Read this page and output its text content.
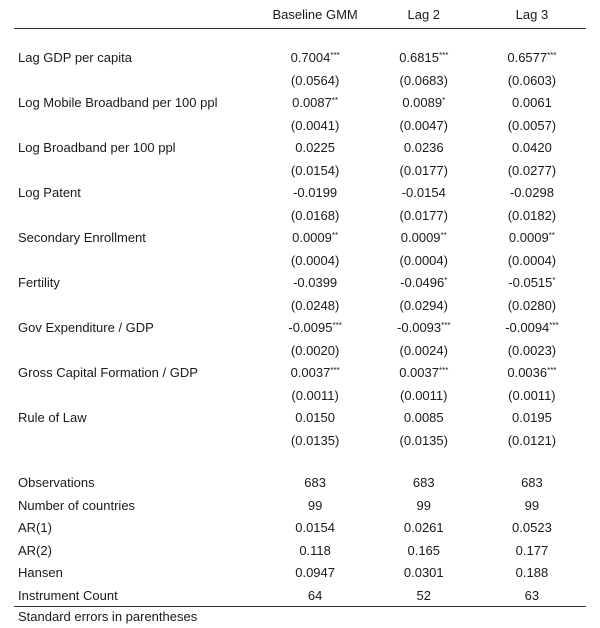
	Baseline GMM	Lag 2	Lag 3

Lag GDP per capita	0.7004***	0.6815***	0.6577***
	(0.0564)	(0.0683)	(0.0603)
Log Mobile Broadband per 100 ppl	0.0087**	0.0089*	0.0061
	(0.0041)	(0.0047)	(0.0057)
Log Broadband per 100 ppl	0.0225	0.0236	0.0420
	(0.0154)	(0.0177)	(0.0277)
Log Patent	-0.0199	-0.0154	-0.0298
	(0.0168)	(0.0177)	(0.0182)
Secondary Enrollment	0.0009**	0.0009**	0.0009**
	(0.0004)	(0.0004)	(0.0004)
Fertility	-0.0399	-0.0496*	-0.0515*
	(0.0248)	(0.0294)	(0.0280)
Gov Expenditure / GDP	-0.0095***	-0.0093***	-0.0094***
	(0.0020)	(0.0024)	(0.0023)
Gross Capital Formation / GDP	0.0037***	0.0037***	0.0036***
	(0.0011)	(0.0011)	(0.0011)
Rule of Law	0.0150	0.0085	0.0195
	(0.0135)	(0.0135)	(0.0121)

Observations	683	683	683
Number of countries	99	99	99
AR(1)	0.0154	0.0261	0.0523
AR(2)	0.118	0.165	0.177
Hansen	0.0947	0.0301	0.188
Instrument Count	64	52	63
Standard errors in parentheses
